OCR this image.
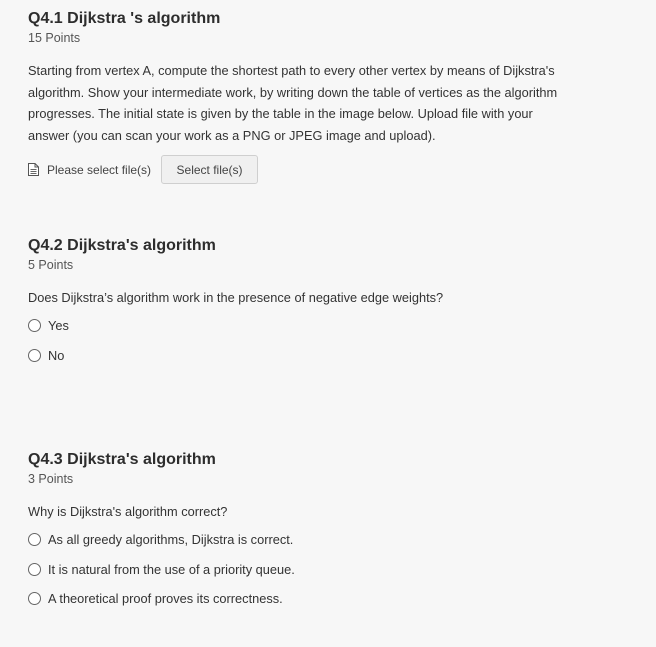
Q4.1 Dijkstra 's algorithm
15 Points

Starting from vertex A, compute the shortest path to every other vertex by means of Dijkstra's
algorithm. Show your intermediate work, by writing down the table of vertices as the algorithm
progresses. The initial state is given by the table in the image below. Upload file with your
answer (you can scan your work as a PNG or JPEG image and upload).

Please select file(s)	Select file(s)
Q4.2 Dijkstra's algorithm
5 Points

Does Dijkstra’s algorithm work in the presence of negative edge weights?

Yes
No
Q4.3 Dijkstra's algorithm
3 Points

Why is Dijkstra's algorithm correct?

As all greedy algorithms, Dijkstra is correct.
It is natural from the use of a priority queue.
A theoretical proof proves its correctness.
